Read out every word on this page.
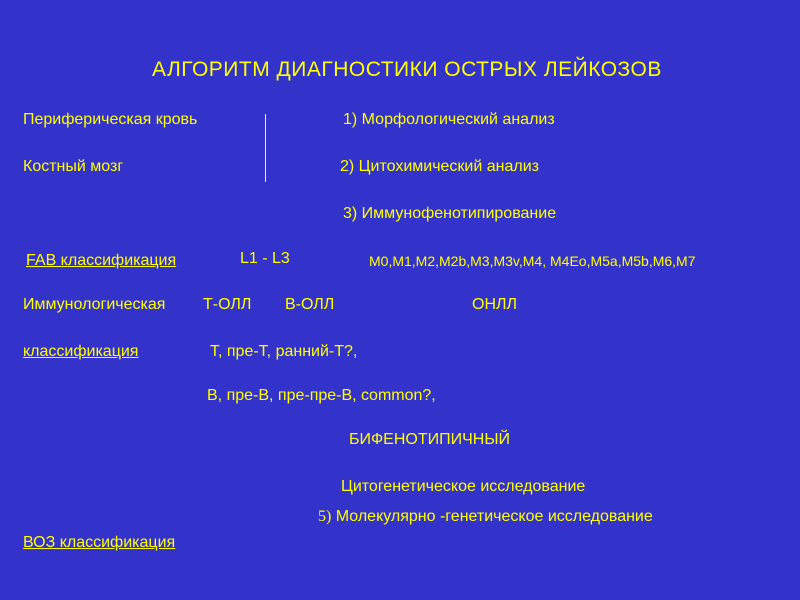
АЛГОРИТМ ДИАГНОСТИКИ ОСТРЫХ ЛЕЙКОЗОВ
Периферическая кровь
Костный мозг
1) Морфологический анализ
2) Цитохимический анализ
3) Иммунофенотипирование
FAB классификация	L1 - L3	M0,M1,M2,M2b,M3,M3v,M4, M4Eo,M5a,M5b,M6,M7
Иммунологическая Т-ОЛЛ В-ОЛЛ	ОНЛЛ
классификация	Т, пре-Т, ранний-Т?,
В, пре-В, пре-пре-В, common?,
БИФЕНОТИПИЧНЫЙ
Цитогенетическое исследование
5) Молекулярно -генетическое исследование
ВОЗ классификация
